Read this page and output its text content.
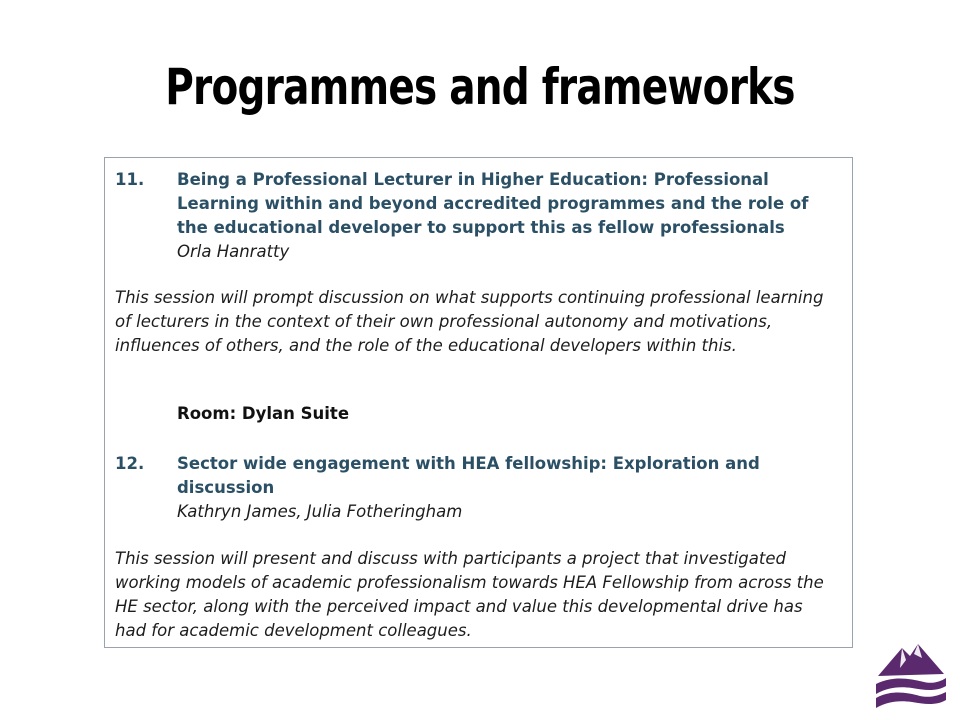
Programmes and frameworks
11. Being a Professional Lecturer in Higher Education: Professional Learning within and beyond accredited programmes and the role of the educational developer to support this as fellow professionals
Orla Hanratty

This session will prompt discussion on what supports continuing professional learning of lecturers in the context of their own professional autonomy and motivations, influences of others, and the role of the educational developers within this.

Room: Dylan Suite
12. Sector wide engagement with HEA fellowship: Exploration and discussion
Kathryn James, Julia Fotheringham

This session will present and discuss with participants a project that investigated working models of academic professionalism towards HEA Fellowship from across the HE sector, along with the perceived impact and value this developmental drive has had for academic development colleagues.
